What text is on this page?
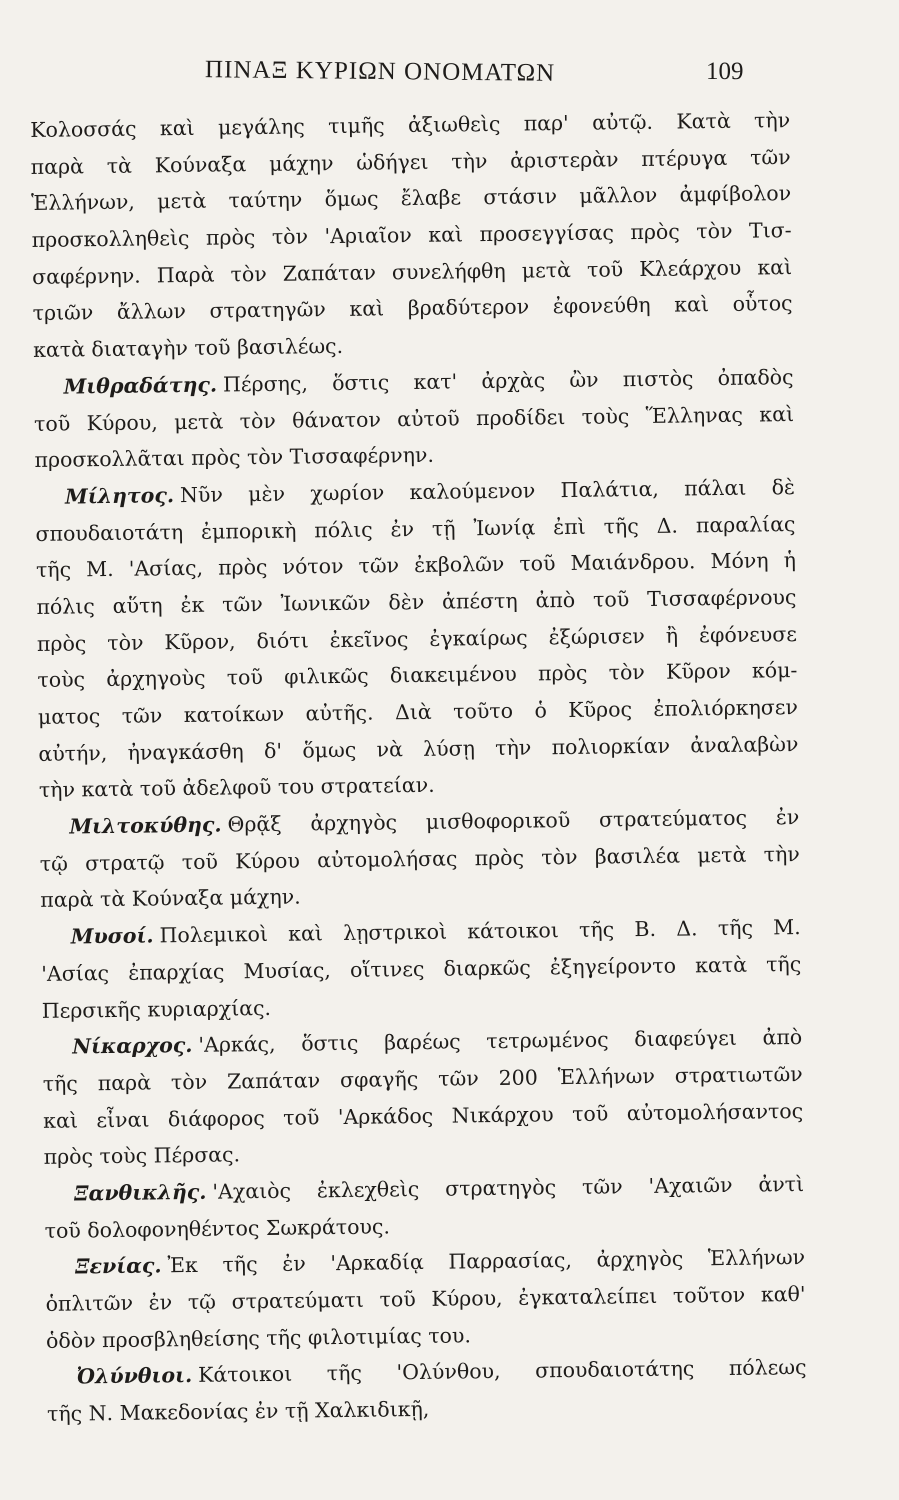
ΠΙΝΑΞ ΚΥΡΙΩΝ ΟΝΟΜΑΤΩΝ	109
Κολοσσάς καὶ μεγάλης τιμῆς ἀξιωθεὶς παρ' αὐτῷ. Κατὰ τὴν
παρὰ τὰ Κούναξα μάχην ὡδήγει τὴν ἀριστερὰν πτέρυγα τῶν
Ἑλλήνων, μετὰ ταύτην ὅμως ἔλαβε στάσιν μᾶλλον ἀμφίβολον
προσκολληθεὶς πρὸς τὸν 'Αριαῖον καὶ προσεγγίσας πρὸς τὸν Τισ-
σαφέρνην. Παρὰ τὸν Ζαπάταν συνελήφθη μετὰ τοῦ Κλεάρχου καὶ
τριῶν ἄλλων στρατηγῶν καὶ βραδύτερον ἐφονεύθη καὶ οὗτος
κατὰ διαταγὴν τοῦ βασιλέως.
Μιθραδάτης. Πέρσης, ὅστις κατ' ἀρχὰς ὢν πιστὸς ὀπαδὸς
τοῦ Κύρου, μετὰ τὸν θάνατον αὐτοῦ προδίδει τοὺς Ἕλληνας καὶ
προσκολλᾶται πρὸς τὸν Τισσαφέρνην.
Μίλητος. Νῦν μὲν χωρίον καλούμενον Παλάτια, πάλαι δὲ
σπουδαιοτάτη ἐμπορικὴ πόλις ἐν τῇ Ἰωνίᾳ ἐπὶ τῆς Δ. παραλίας
τῆς Μ. 'Ασίας, πρὸς νότον τῶν ἐκβολῶν τοῦ Μαιάνδρου. Μόνη ἡ
πόλις αὕτη ἐκ τῶν Ἰωνικῶν δὲν ἀπέστη ἀπὸ τοῦ Τισσαφέρνους
πρὸς τὸν Κῦρον, διότι ἐκεῖνος ἐγκαίρως ἐξώρισεν ἢ ἐφόνευσε
τοὺς ἀρχηγοὺς τοῦ φιλικῶς διακειμένου πρὸς τὸν Κῦρον κόμ-
ματος τῶν κατοίκων αὐτῆς. Διὰ τοῦτο ὁ Κῦρος ἐπολιόρκησεν
αὐτήν, ἠναγκάσθη δ' ὅμως νὰ λύσῃ τὴν πολιορκίαν ἀναλαβὼν
τὴν κατὰ τοῦ ἀδελφοῦ του στρατείαν.
Μιλτοκύθης. Θρᾷξ ἀρχηγὸς μισθοφορικοῦ στρατεύματος ἐν
τῷ στρατῷ τοῦ Κύρου αὐτομολήσας πρὸς τὸν βασιλέα μετὰ τὴν
παρὰ τὰ Κούναξα μάχην.
Μυσοί. Πολεμικοὶ καὶ λῃστρικοὶ κάτοικοι τῆς Β. Δ. τῆς Μ.
'Ασίας ἐπαρχίας Μυσίας, οἵτινες διαρκῶς ἐξηγείροντο κατὰ τῆς
Περσικῆς κυριαρχίας.
Νίκαρχος. 'Αρκάς, ὅστις βαρέως τετρωμένος διαφεύγει ἀπὸ
τῆς παρὰ τὸν Ζαπάταν σφαγῆς τῶν 200 Ἑλλήνων στρατιωτῶν
καὶ εἶναι διάφορος τοῦ 'Αρκάδος Νικάρχου τοῦ αὐτομολήσαντος
πρὸς τοὺς Πέρσας.
Ξανθικλῆς. 'Αχαιὸς ἐκλεχθεὶς στρατηγὸς τῶν 'Αχαιῶν ἀντὶ
τοῦ δολοφονηθέντος Σωκράτους.
Ξενίας. Ἐκ τῆς ἐν 'Αρκαδίᾳ Παρρασίας, ἀρχηγὸς Ἑλλήνων
ὁπλιτῶν ἐν τῷ στρατεύματι τοῦ Κύρου, ἐγκαταλείπει τοῦτον καθ'
ὁδὸν προσβληθείσης τῆς φιλοτιμίας του.
Ὀλύνθιοι. Κάτοικοι τῆς 'Ολύνθου, σπουδαιοτάτης πόλεως
τῆς Ν. Μακεδονίας ἐν τῇ Χαλκιδικῇ,
